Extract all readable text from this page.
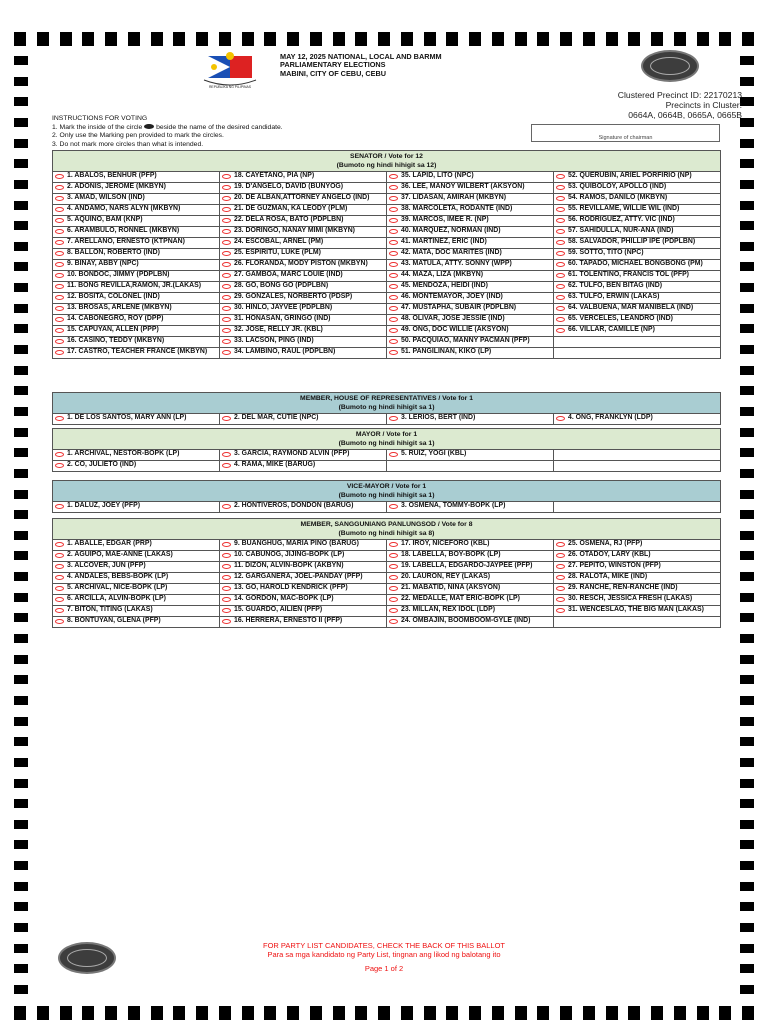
REPUBLIKA NG PILIPINAS
MAY 12, 2025 NATIONAL, LOCAL AND BARMM
PARLIAMENTARY ELECTIONS
MABINI, CITY OF CEBU, CEBU
Clustered Precinct ID: 22170213
Precincts in Cluster:
0664A, 0664B, 0665A, 0665B
INSTRUCTIONS FOR VOTING
1. Mark the inside of the circle beside the name of the desired candidate.
2. Only use the Marking pen provided to mark the circles.
3. Do not mark more circles than what is intended.
Signature of chairman
SENATOR / Vote for 12
(Bumoto ng hindi hihigit sa 12)			

1. ABALOS, BENHUR (PFP)	18. CAYETANO, PIA (NP)	35. LAPID, LITO (NPC)	52. QUERUBIN, ARIEL PORFIRIO (NP)
2. ADONIS, JEROME (MKBYN)	19. D'ANGELO, DAVID (BUNYOG)	36. LEE, MANOY WILBERT (AKSYON)	53. QUIBOLOY, APOLLO (IND)
3. AMAD, WILSON (IND)	20. DE ALBAN,ATTORNEY ANGELO (IND)	37. LIDASAN, AMIRAH (MKBYN)	54. RAMOS, DANILO (MKBYN)
4. ANDAMO, NARS ALYN (MKBYN)	21. DE GUZMAN, KA LEODY (PLM)	38. MARCOLETA, RODANTE (IND)	55. REVILLAME, WILLIE WIL (IND)
5. AQUINO, BAM (KNP)	22. DELA ROSA, BATO (PDPLBN)	39. MARCOS, IMEE R. (NP)	56. RODRIGUEZ, ATTY. VIC (IND)
6. ARAMBULO, RONNEL (MKBYN)	23. DORINGO, NANAY MIMI (MKBYN)	40. MARQUEZ, NORMAN (IND)	57. SAHIDULLA, NUR-ANA (IND)
7. ARELLANO, ERNESTO (KTPNAN)	24. ESCOBAL, ARNEL (PM)	41. MARTINEZ, ERIC (IND)	58. SALVADOR, PHILLIP IPE (PDPLBN)
8. BALLON, ROBERTO (IND)	25. ESPIRITU, LUKE (PLM)	42. MATA, DOC MARITES (IND)	59. SOTTO, TITO (NPC)
9. BINAY, ABBY (NPC)	26. FLORANDA, MODY PISTON (MKBYN)	43. MATULA, ATTY. SONNY (WPP)	60. TAPADO, MICHAEL BONGBONG (PM)
10. BONDOC, JIMMY (PDPLBN)	27. GAMBOA, MARC LOUIE (IND)	44. MAZA, LIZA (MKBYN)	61. TOLENTINO, FRANCIS TOL (PFP)
11. BONG REVILLA,RAMON, JR.(LAKAS)	28. GO, BONG GO (PDPLBN)	45. MENDOZA, HEIDI (IND)	62. TULFO, BEN BITAG (IND)
12. BOSITA, COLONEL (IND)	29. GONZALES, NORBERTO (PDSP)	46. MONTEMAYOR, JOEY (IND)	63. TULFO, ERWIN (LAKAS)
13. BROSAS, ARLENE (MKBYN)	30. HINLO, JAYVEE (PDPLBN)	47. MUSTAPHA, SUBAIR (PDPLBN)	64. VALBUENA, MAR MANIBELA (IND)
14. CABONEGRO, ROY (DPP)	31. HONASAN, GRINGO (IND)	48. OLIVAR, JOSE JESSIE (IND)	65. VERCELES, LEANDRO (IND)
15. CAPUYAN, ALLEN (PPP)	32. JOSE, RELLY JR. (KBL)	49. ONG, DOC WILLIE (AKSYON)	66. VILLAR, CAMILLE (NP)
16. CASIÑO, TEDDY (MKBYN)	33. LACSON, PING (IND)	50. PACQUIAO, MANNY PACMAN (PFP)	
17. CASTRO, TEACHER FRANCE (MKBYN)	34. LAMBINO, RAUL (PDPLBN)	51. PANGILINAN, KIKO (LP)	
MEMBER, HOUSE OF REPRESENTATIVES / Vote for 1
(Bumoto ng hindi hihigit sa 1)

1. DE LOS SANTOS, MARY ANN (LP)	2. DEL MAR, CUTIE (NPC)	3. LERIOS, BERT (IND)	4. ONG, FRANKLYN (LDP)
MAYOR / Vote for 1
(Bumoto ng hindi hihigit sa 1)			

1. ARCHIVAL, NESTOR-BOPK (LP)	3. GARCIA, RAYMOND ALVIN (PFP)	5. RUIZ, YOGI (KBL)	
2. CO, JULIETO (IND)	4. RAMA, MIKE (BARUG)		
VICE-MAYOR / Vote for 1
(Bumoto ng hindi hihigit sa 1)

1. DALUZ, JOEY (PFP)	2. HONTIVEROS, DONDON (BARUG)	3. OSMEÑA, TOMMY-BOPK (LP)	
MEMBER, SANGGUNIANG PANLUNGSOD / Vote for 8
(Bumoto ng hindi hihigit sa 8)			

1. ABALLE, EDGAR (PRP)	9. BUANGHUG, MARIA PINO (BARUG)	17. IROY, NICEFORO (KBL)	25. OSMEÑA, RJ (PFP)
2. AGUIPO, MAE-ANNE (LAKAS)	10. CABUNOG, JIJING-BOPK (LP)	18. LABELLA, BOY-BOPK (LP)	26. OTADOY, LARY (KBL)
3. ALCOVER, JUN (PFP)	11. DIZON, ALVIN-BOPK (AKBYN)	19. LABELLA, EDGARDO-JAYPEE (PFP)	27. PEPITO, WINSTON (PFP)
4. ANDALES, BEBS-BOPK (LP)	12. GARGANERA, JOEL-PANDAY (PFP)	20. LAURON, REY (LAKAS)	28. RALOTA, MIKE (IND)
5. ARCHIVAL, NICE-BOPK (LP)	13. GO, HAROLD KENDRICK (PFP)	21. MABATID, NIÑA (AKSYON)	29. RANCHE, REN-RANCHE (IND)
6. ARCILLA, ALVIN-BOPK (LP)	14. GORDON, MAC-BOPK (LP)	22. MEDALLE, MAT ERIC-BOPK (LP)	30. RESCH, JESSICA FRESH (LAKAS)
7. BITON, TITING (LAKAS)	15. GUARDO, AILIEN (PFP)	23. MILLAN, REX IDOL (LDP)	31. WENCESLAO, THE BIG MAN (LAKAS)
8. BONTUYAN, GLENA (PFP)	16. HERRERA, ERNESTO II (PFP)	24. OMBAJIN, BOOMBOOM-GYLE (IND)	
FOR PARTY LIST CANDIDATES, CHECK THE BACK OF THIS BALLOT
Para sa mga kandidato ng Party List, tingnan ang likod ng balotang ito
Page 1 of 2
